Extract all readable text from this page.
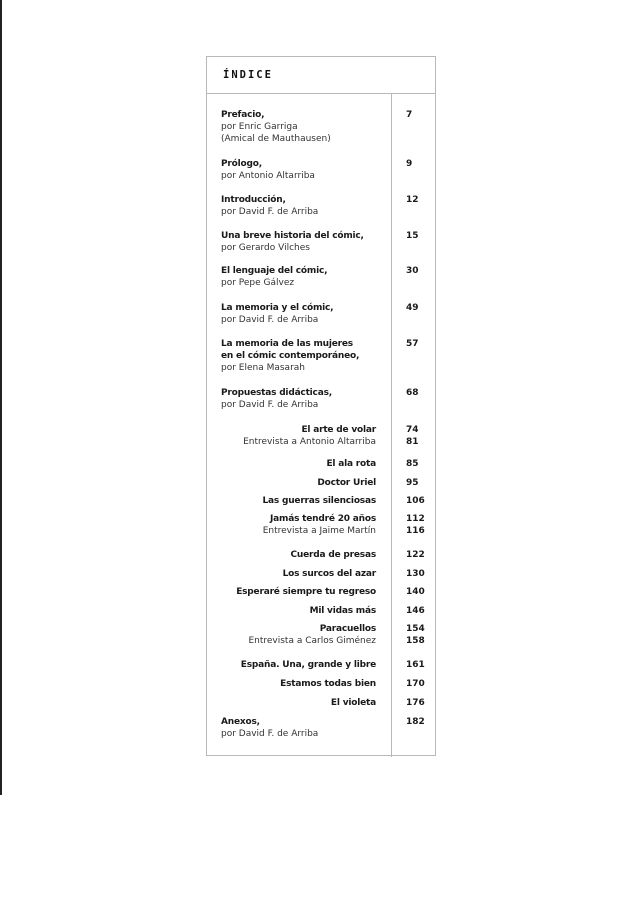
ÍNDICE
Prefacio,
por Enric Garriga
(Amical de Mauthausen)
7
Prólogo,
por Antonio Altarriba
9
Introducción,
por David F. de Arriba
12
Una breve historia del cómic,
por Gerardo Vilches
15
El lenguaje del cómic,
por Pepe Gálvez
30
La memoria y el cómic,
por David F. de Arriba
49
La memoria de las mujeres
en el cómic contemporáneo,
por Elena Masarah
57
Propuestas didácticas,
por David F. de Arriba
68
El arte de volar	74
Entrevista a Antonio Altarriba	81
El ala rota	85
Doctor Uriel	95
Las guerras silenciosas	106
Jamás tendré 20 años	112
Entrevista a Jaime Martín	116
Cuerda de presas	122
Los surcos del azar	130
Esperaré siempre tu regreso	140
Mil vidas más	146
Paracuellos	154
Entrevista a Carlos Giménez	158
España. Una, grande y libre	161
Estamos todas bien	170
El violeta	176
Anexos,
por David F. de Arriba
182
